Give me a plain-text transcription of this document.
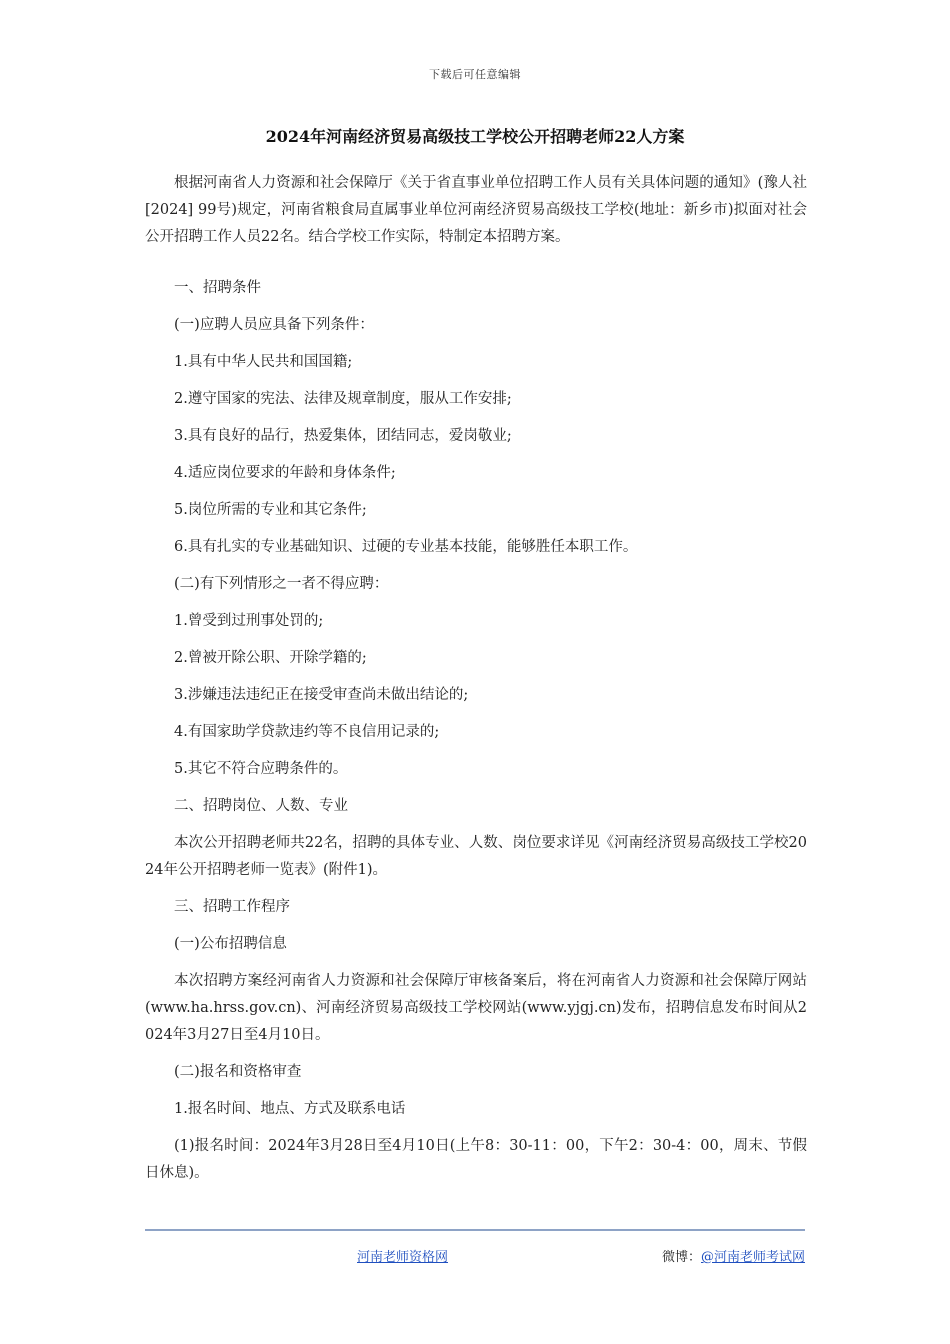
下载后可任意编辑
2024年河南经济贸易高级技工学校公开招聘老师22人方案

根据河南省人力资源和社会保障厅《关于省直事业单位招聘工作人员有关具体问题的通知》(豫人社[2024] 99号)规定，河南省粮食局直属事业单位河南经济贸易高级技工学校(地址：新乡市)拟面对社会公开招聘工作人员22名。结合学校工作实际，特制定本招聘方案。

一、招聘条件

(一)应聘人员应具备下列条件：

1.具有中华人民共和国国籍;

2.遵守国家的宪法、法律及规章制度，服从工作安排;

3.具有良好的品行，热爱集体，团结同志，爱岗敬业;

4.适应岗位要求的年龄和身体条件;

5.岗位所需的专业和其它条件;

6.具有扎实的专业基础知识、过硬的专业基本技能，能够胜任本职工作。

(二)有下列情形之一者不得应聘：

1.曾受到过刑事处罚的;

2.曾被开除公职、开除学籍的;

3.涉嫌违法违纪正在接受审查尚未做出结论的;

4.有国家助学贷款违约等不良信用记录的;

5.其它不符合应聘条件的。

二、招聘岗位、人数、专业

本次公开招聘老师共22名，招聘的具体专业、人数、岗位要求详见《河南经济贸易高级技工学校2024年公开招聘老师一览表》(附件1)。

三、招聘工作程序

(一)公布招聘信息

本次招聘方案经河南省人力资源和社会保障厅审核备案后，将在河南省人力资源和社会保障厅网站(www.ha.hrss.gov.cn)、河南经济贸易高级技工学校网站(www.yjgj.cn)发布，招聘信息发布时间从2024年3月27日至4月10日。

(二)报名和资格审查

1.报名时间、地点、方式及联系电话

(1)报名时间：2024年3月28日至4月10日(上午8：30-11：00，下午2：30-4：00，周末、节假日休息)。

河南老师资格网	微博：@河南老师考试网
